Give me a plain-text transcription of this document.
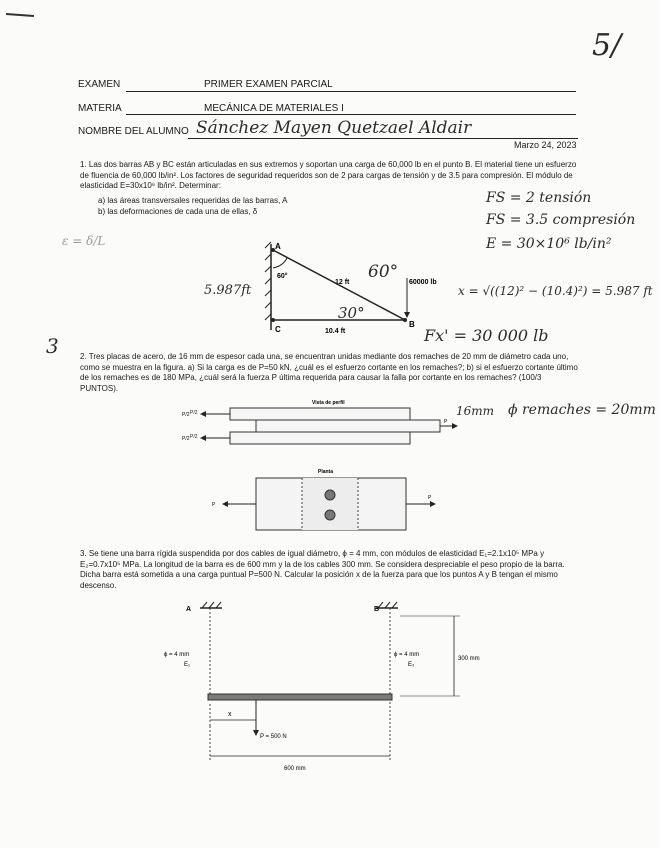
5/
EXAMEN	PRIMER EXAMEN PARCIAL
MATERIA	MECÁNICA DE MATERIALES I
NOMBRE DEL ALUMNO Sánchez Mayen Quetzael Aldair
Marzo 24, 2023
1. Las dos barras AB y BC están articuladas en sus extremos y soportan una carga de 60,000 lb en el punto B. El material tiene un esfuerzo de fluencia de 60,000 lb/in². Los factores de seguridad requeridos son de 2 para cargas de tensión y de 3.5 para compresión. El módulo de elasticidad E=30x10⁶ lb/in². Determinar:
a) las áreas transversales requeridas de las barras, A
b) las deformaciones de cada una de ellas, δ
FS = 2 tensión
FS = 3.5 compresión
E = 30×10⁶ lb/in²
ε = δ/L
5.987ft
60°
30°
x = √((12)² − (10.4)²) = 5.987 ft
Fx' = 30 000 lb
A
B
C
60°
12 ft	60000 lb
10.4 ft
3	2. Tres placas de acero, de 16 mm de espesor cada una, se encuentran unidas mediante dos remaches de 20 mm de diámetro cada uno, como se muestra en la figura. a) Si la carga es de P=50 kN, ¿cuál es el esfuerzo cortante en los remaches?; b) si el esfuerzo cortante último de los remaches es de 180 MPa, ¿cuál será la fuerza P última requerida para causar la falla por cortante en los remaches? (100/3 PUNTOS).
16mm ϕ remaches = 20mm
Vista de perfil
P/2
P/2
P
P/2
P/2
Planta
P
P
3. Se tiene una barra rígida suspendida por dos cables de igual diámetro, ϕ = 4 mm, con módulos de elasticidad E₁=2.1x10⁵ MPa y E₂=0.7x10⁵ MPa. La longitud de la barra es de 600 mm y la de los cables 300 mm. Se considera despreciable el peso propio de la barra. Dicha barra está sometida a una carga puntual P=500 N. Calcular la posición x de la fuerza para que los puntos A y B tengan el mismo descenso.
A	B
ϕ = 4 mm
E₁
ϕ = 4 mm
E₂
300 mm
x
P = 500 N
600 mm
